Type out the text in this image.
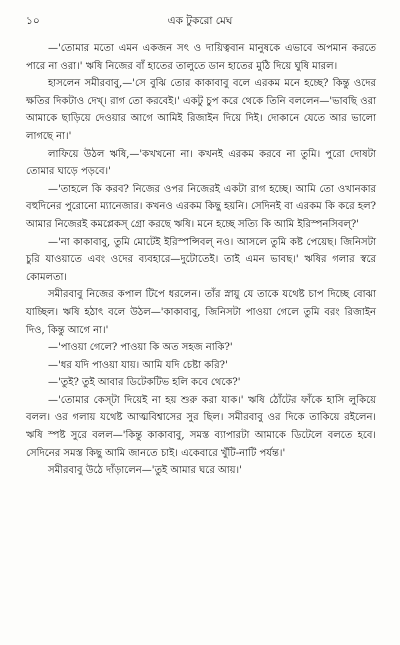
১০	এক টুকরো মেঘ

—'তোমার মতো এমন একজন সৎ ও দায়িত্ববান মানুষকে এভাবে অপমান করতে পারে না ওরা।' ঋষি নিজের বাঁ হাতের তালুতে ডান হাতের মুঠি দিয়ে ঘুষি মারল।

হাসলেন সমীরবাবু,—'সে বুঝি তোর কাকাবাবু বলে এরকম মনে হচ্ছে? কিন্তু ওদের ক্ষতির দিকটাও দেখ্। রাগ তো করবেই।' একটু চুপ করে থেকে তিনি বললেন—'ভাবছি ওরা আমাকে ছাড়িয়ে দেওয়ার আগে আমিই রিজাইন দিয়ে দিই। দোকানে যেতে আর ভালো লাগছে না।'

লাফিয়ে উঠল ঋষি,—'কখখনো না। কখনই এরকম করবে না তুমি। পুরো দোষটা তোমার ঘাড়ে পড়বে।'

—'তাহলে কি করব? নিজের ওপর নিজেরই একটা রাগ হচ্ছে। আমি তো ওখানকার বহুদিনের পুরোনো ম্যানেজার। কখনও এরকম কিছু হয়নি। সেদিনই বা এরকম কি করে হল? আমার নিজেরই কমপ্লেকস্ গ্রো করছে ঋষি। মনে হচ্ছে সত্যি কি আমি ইরিস্পনসিবল্?'

—'না কাকাবাবু, তুমি মোটেই ইরিস্পন্সিবল্ নও। আসলে তুমি কষ্ট পেয়েছ। জিনিসটা চুরি যাওয়াতে এবং ওদের ব্যবহারে—দুটোতেই। তাই এমন ভাবছ।' ঋষির গলার স্বরে কোমলতা।

সমীরবাবু নিজের কপাল টিপে ধরলেন। তাঁর স্নায়ু যে তাকে যথেষ্ট চাপ দিচ্ছে বোঝা যাচ্ছিল। ঋষি হঠাৎ বলে উঠল—'কাকাবাবু, জিনিসটা পাওয়া গেলে তুমি বরং রিজাইন দিও, কিন্তু আগে না।'

—'পাওয়া গেলে? পাওয়া কি অত সহজ নাকি?'

—'ধর যদি পাওয়া যায়। আমি যদি চেষ্টা করি?'

—'তুই? তুই আবার ডিটেকটিভ হলি কবে থেকে?'

—'তোমার কেস্‌টা দিয়েই না হয় শুরু করা যাক।' ঋষি ঠোঁটের ফাঁকে হাসি লুকিয়ে বলল। ওর গলায় যথেষ্ট আত্মবিশ্বাসের সুর ছিল। সমীরবাবু ওর দিকে তাকিয়ে রইলেন। ঋষি স্পষ্ট সুরে বলল—'কিন্তু কাকাবাবু, সমস্ত ব্যাপারটা আমাকে ডিটেলে বলতে হবে। সেদিনের সমস্ত কিছু আমি জানতে চাই। একেবারে খুঁটি-নাটি পর্যন্ত।'

সমীরবাবু উঠে দাঁড়ালেন—'তুই আমার ঘরে আয়।'
